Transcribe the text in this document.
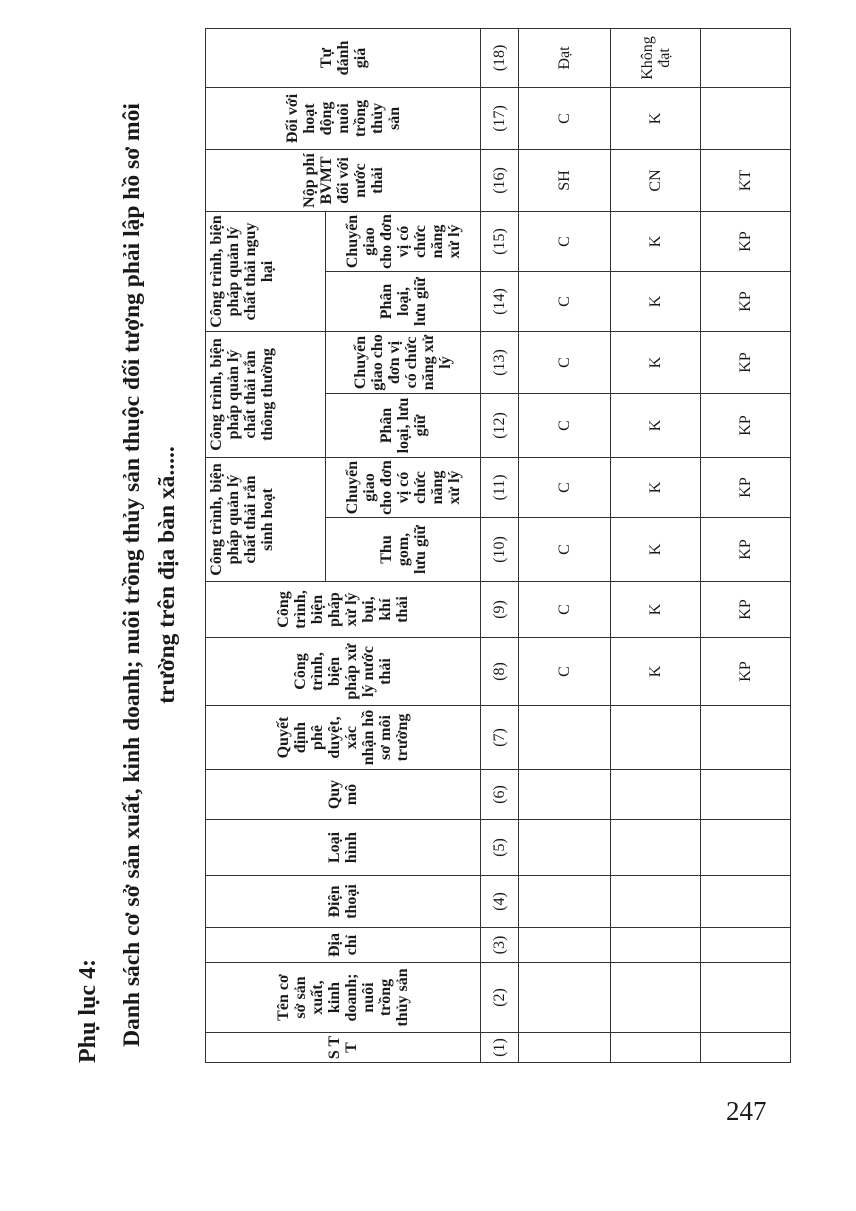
Phụ lục 4: Danh sách cơ sở sản xuất, kinh doanh; nuôi trồng thủy sản thuộc đối tượng phải lập hồ sơ môi trường trên địa bàn xã.....
S T T	Tên cơ sở sản xuất, kinh doanh; nuôi trồng thủy sản	Địa chỉ	Điện thoại	Loại hình	Quy mô	Quyết định phê duyệt, xác nhận hồ sơ môi trường	Công trình, biện pháp xử lý nước thải	Công trình, biện pháp xử lý bụi, khí thải	Công trình, biện pháp quản lý chất thải rắn sinh hoạt		Công trình, biện pháp quản lý chất thải rắn thông thường		Công trình, biện pháp quản lý chất thải nguy hại		Nộp phí BVMT đối với nước thải	Đối với hoạt động nuôi trồng thủy sản	Tự đánh giá
									Thu gom, lưu giữ	Chuyển giao cho đơn vị có chức năng xử lý	Phân loại, lưu giữ	Chuyển giao cho đơn vị có chức năng xử lý	Phân loại, lưu giữ	Chuyển giao cho đơn vị có chức năng xử lý			
(1)	(2)	(3)	(4)	(5)	(6)	(7)	(8)	(9)	(10)	(11)	(12)	(13)	(14)	(15)	(16)	(17)	(18)
							C	C	C	C	C	C	C	C	SH	C	Đạt
							K	K	K	K	K	K	K	K	CN	K	Không đạt
							KP	KP	KP	KP	KP	KP	KP	KP	KT		
247
